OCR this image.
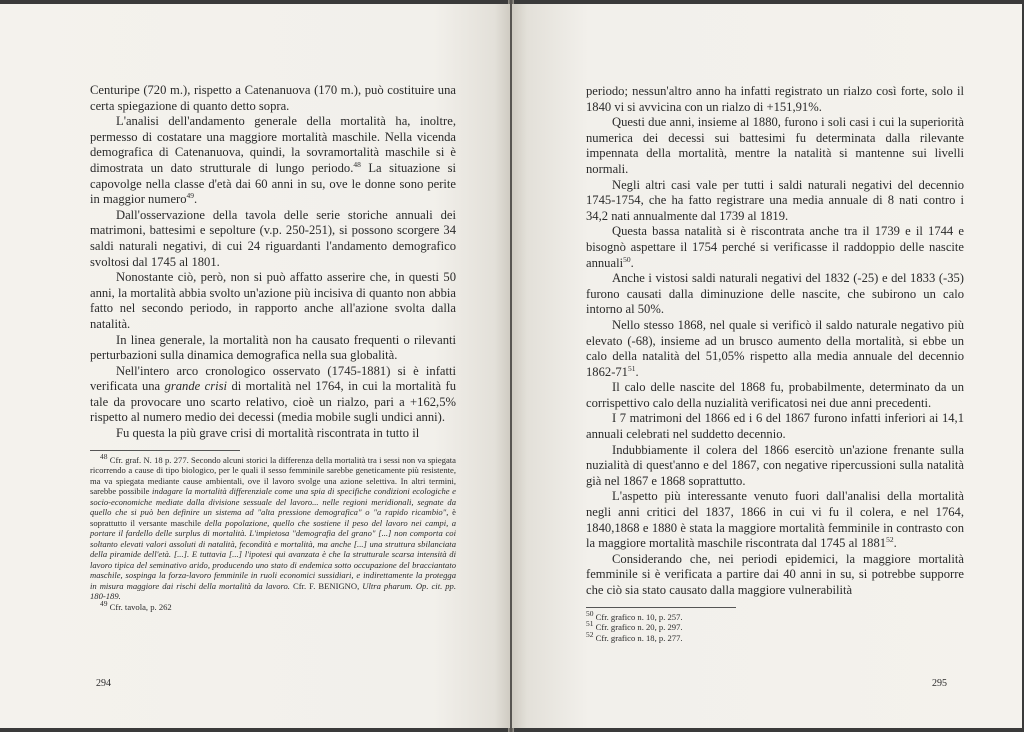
Centuripe (720 m.), rispetto a Catenanuova (170 m.), può costituire una certa spiegazione di quanto detto sopra.

L'analisi dell'andamento generale della mortalità ha, inoltre, permesso di costatare una maggiore mortalità maschile. Nella vicenda demografica di Catenanuova, quindi, la sovramortalità maschile si è dimostrata un dato strutturale di lungo periodo.$^{48}$ La situazione si capovolge nella classe d'età dai 60 anni in su, ove le donne sono perite in maggior numero$^{49}$.

Dall'osservazione della tavola delle serie storiche annuali dei matrimoni, battesimi e sepolture (v.p. 250-251), si possono scorgere 34 saldi naturali negativi, di cui 24 riguardanti l'andamento demografico svoltosi dal 1745 al 1801.

Nonostante ciò, però, non si può affatto asserire che, in questi 50 anni, la mortalità abbia svolto un'azione più incisiva di quanto non abbia fatto nel secondo periodo, in rapporto anche all'azione svolta dalla natalità.

In linea generale, la mortalità non ha causato frequenti o rilevanti perturbazioni sulla dinamica demografica nella sua globalità.

Nell'intero arco cronologico osservato (1745-1881) si è infatti verificata una grande crisi di mortalità nel 1764, in cui la mortalità fu tale da provocare uno scarto relativo, cioè un rialzo, pari a +162,5% rispetto al numero medio dei decessi (media mobile sugli undici anni).

Fu questa la più grave crisi di mortalità riscontrata in tutto il

$^{48}$ Cfr. graf. N. 18 p. 277. Secondo alcuni storici la differenza della mortalità tra i sessi non va spiegata ricorrendo a cause di tipo biologico, per le quali il sesso femminile sarebbe geneticamente più resistente, ma va spiegata mediante cause ambientali, ove il lavoro svolge una azione selettiva. In altri termini, sarebbe possibile indagare la mortalità differenziale come una spia di specifiche condizioni ecologiche e socio-economiche mediate dalla divisione sessuale del lavoro... nelle regioni meridionali, segnate da quello che si può ben definire un sistema ad "alta pressione demografica" o "a rapido ricambio", è soprattutto il versante maschile della popolazione, quello che sostiene il peso del lavoro nei campi, a portare il fardello delle surplus di mortalità. L'impietosa "demografia del grano" [...] non comporta coi soltanto elevati valori assoluti di natalità, fecondità e mortalità, ma anche [...] una struttura sbilanciata della piramide dell'età. [...]. E tuttavia [...] l'ipotesi qui avanzata è che la strutturale scarsa intensità di lavoro tipica del seminativo arido, producendo uno stato di endemica sotto occupazione del bracciantato maschile, sospinga la forza-lavoro femminile in ruoli economici sussidiari, e indirettamente la protegga in misura maggiore dai rischi della mortalità da lavoro. Cfr. F. BENIGNO, Ultra pharum. Op. cit. pp. 180-189.

$^{49}$ Cfr. tavola, p. 262

294

periodo; nessun'altro anno ha infatti registrato un rialzo così forte, solo il 1840 vi si avvicina con un rialzo di +151,91%.

Questi due anni, insieme al 1880, furono i soli casi i cui la superiorità numerica dei decessi sui battesimi fu determinata dalla rilevante impennata della mortalità, mentre la natalità si mantenne sui livelli normali.

Negli altri casi vale per tutti i saldi naturali negativi del decennio 1745-1754, che ha fatto registrare una media annuale di 8 nati contro i 34,2 nati annualmente dal 1739 al 1819.

Questa bassa natalità si è riscontrata anche tra il 1739 e il 1744 e bisognò aspettare il 1754 perché si verificasse il raddoppio delle nascite annuali$^{50}$.

Anche i vistosi saldi naturali negativi del 1832 (-25) e del 1833 (-35) furono causati dalla diminuzione delle nascite, che subirono un calo intorno al 50%.

Nello stesso 1868, nel quale si verificò il saldo naturale negativo più elevato (-68), insieme ad un brusco aumento della mortalità, si ebbe un calo della natalità del 51,05% rispetto alla media annuale del decennio $1862-71^{51}$.

Il calo delle nascite del 1868 fu, probabilmente, determinato da un corrispettivo calo della nuzialità verificatosi nei due anni precedenti.

I 7 matrimoni del 1866 ed i 6 del 1867 furono infatti inferiori ai 14,1 annuali celebrati nel suddetto decennio.

Indubbiamente il colera del 1866 esercitò un'azione frenante sulla nuzialità di quest'anno e del 1867, con negative ripercussioni sulla natalità già nel 1867 e 1868 soprattutto.

L'aspetto più interessante venuto fuori dall'analisi della mortalità negli anni critici del 1837, 1866 in cui vi fu il colera, e nel 1764, 1840,1868 e 1880 è stata la maggiore mortalità femminile in contrasto con la maggiore mortalità maschile riscontrata dal 1745 al 1881$^{52}$.

Considerando che, nei periodi epidemici, la maggiore mortalità femminile si è verificata a partire dai 40 anni in su, si potrebbe supporre che ciò sia stato causato dalla maggiore vulnerabilità

$^{50}$ Cfr. grafico n. 10, p. 257.

$^{51}$ Cfr. grafico n. 20, p. 297.

$^{52}$ Cfr. grafico n. 18, p. 277.

295
